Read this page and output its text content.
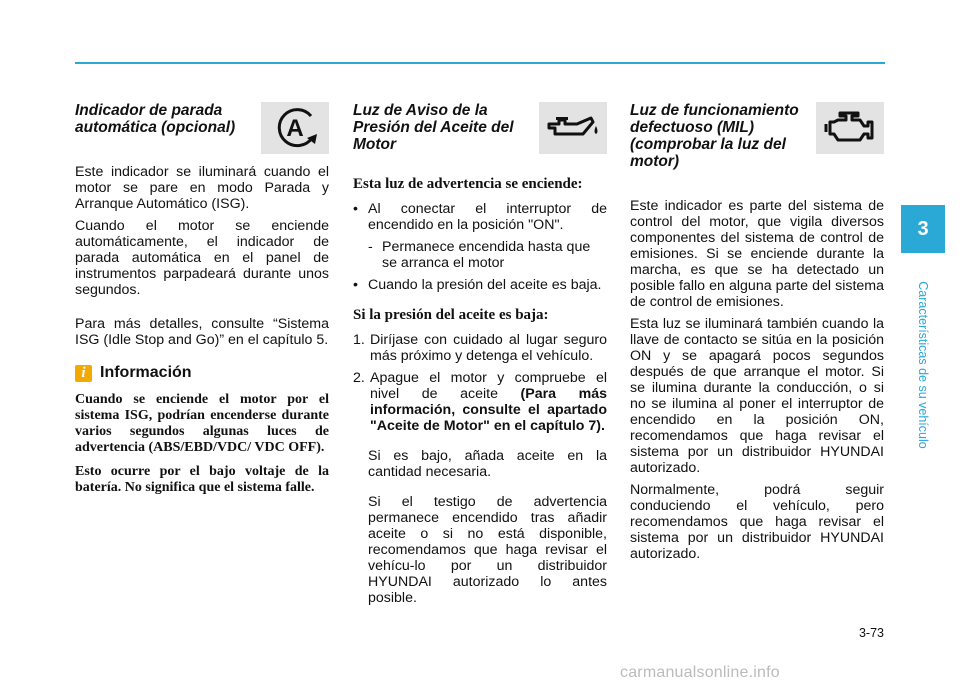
Indicador de parada automática (opcional)	A

Este indicador se iluminará cuando el motor se pare en modo Parada y Arranque Automático (ISG).

Cuando el motor se enciende automáticamente, el indicador de parada automática en el panel de instrumentos parpadeará durante unos segundos.

Para más detalles, consulte “Sistema ISG (Idle Stop and Go)” en el capítulo 5.

i Información

Cuando se enciende el motor por el sistema ISG, podrían encenderse durante varios segundos algunas luces de advertencia (ABS/EBD/VDC/ VDC OFF).

Esto ocurre por el bajo voltaje de la batería. No significa que el sistema falle.

Luz de Aviso de la Presión del Aceite del Motor
Esta luz de advertencia se enciende:
• Al conectar el interruptor de encendido en la posición "ON".
- Permanece encendida hasta que se arranca el motor
• Cuando la presión del aceite es baja.
Si la presión del aceite es baja:
1. Diríjase con cuidado al lugar seguro más próximo y detenga el vehículo.
2. Apague el motor y compruebe el nivel de aceite (Para más información, consulte el apartado "Aceite de Motor" en el capítulo 7).

Si es bajo, añada aceite en la cantidad necesaria.

Si el testigo de advertencia permanece encendido tras añadir aceite o si no está disponible, recomendamos que haga revisar el vehícu-lo por un distribuidor HYUNDAI autorizado lo antes posible.

Luz de funcionamiento defectuoso (MIL) (comprobar la luz del motor)

Este indicador es parte del sistema de control del motor, que vigila diversos componentes del sistema de control de emisiones. Si se enciende durante la marcha, es que se ha detectado un posible fallo en alguna parte del sistema de control de emisiones.

Esta luz se iluminará también cuando la llave de contacto se sitúa en la posición ON y se apagará pocos segundos después de que arranque el motor. Si se ilumina durante la conducción, o si no se ilumina al poner el interruptor de encendido en la posición ON, recomendamos que haga revisar el sistema por un distribuidor HYUNDAI autorizado.

Normalmente, podrá seguir conduciendo el vehículo, pero recomendamos que haga revisar el sistema por un distribuidor HYUNDAI autorizado.

3
Características de su vehículo
3-73
carmanualsonline.info
